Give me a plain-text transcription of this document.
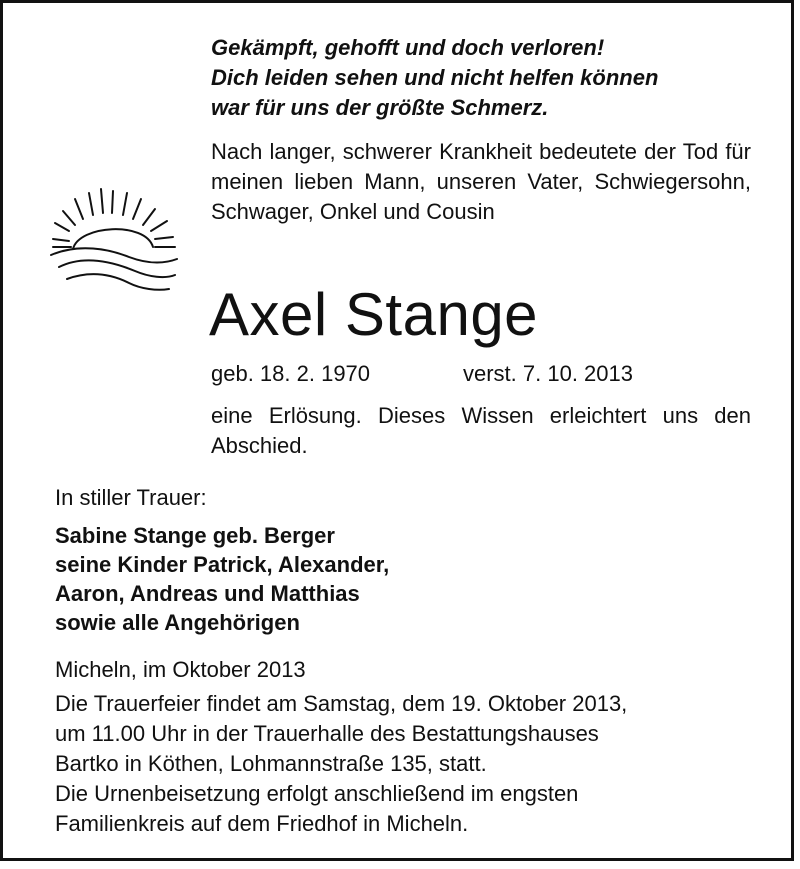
Gekämpft, gehofft und doch verloren!
Dich leiden sehen und nicht helfen können
war für uns der größte Schmerz.

Nach langer, schwerer Krankheit bedeutete der Tod für meinen lieben Mann, unseren Vater, Schwiegersohn, Schwager, Onkel und Cousin

Axel Stange
geb. 18. 2. 1970	verst. 7. 10. 2013

eine Erlösung. Dieses Wissen erleichtert uns den Abschied.

In stiller Trauer:
Sabine Stange geb. Berger
seine Kinder Patrick, Alexander,
Aaron, Andreas und Matthias
sowie alle Angehörigen
Micheln, im Oktober 2013
Die Trauerfeier findet am Samstag, dem 19. Oktober 2013,
um 11.00 Uhr in der Trauerhalle des Bestattungshauses
Bartko in Köthen, Lohmannstraße 135, statt.
Die Urnenbeisetzung erfolgt anschließend im engsten
Familienkreis auf dem Friedhof in Micheln.
